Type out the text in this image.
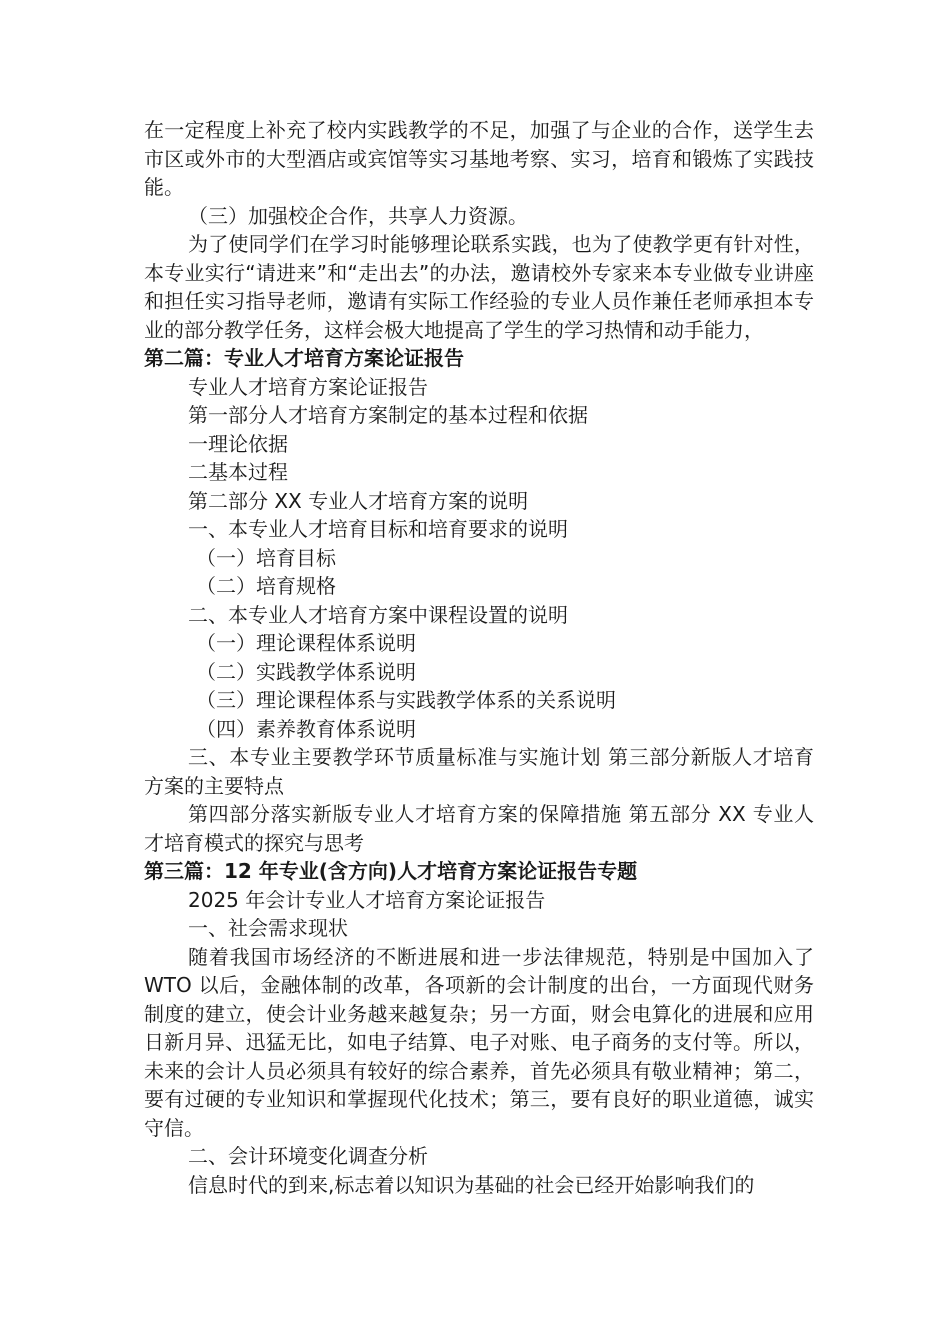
在一定程度上补充了校内实践教学的不足，加强了与企业的合作，送学生去市区或外市的大型酒店或宾馆等实习基地考察、实习，培育和锻炼了实践技能。
（三）加强校企合作，共享人力资源。
为了使同学们在学习时能够理论联系实践，也为了使教学更有针对性，本专业实行“请进来”和“走出去”的办法，邀请校外专家来本专业做专业讲座和担任实习指导老师，邀请有实际工作经验的专业人员作兼任老师承担本专业的部分教学任务，这样会极大地提高了学生的学习热情和动手能力，
第二篇：专业人才培育方案论证报告
专业人才培育方案论证报告
第一部分人才培育方案制定的基本过程和依据
一理论依据
二基本过程
第二部分 XX 专业人才培育方案的说明
一、本专业人才培育目标和培育要求的说明
（一）培育目标
（二）培育规格
二、本专业人才培育方案中课程设置的说明
（一）理论课程体系说明
（二）实践教学体系说明
（三）理论课程体系与实践教学体系的关系说明
（四）素养教育体系说明
三、本专业主要教学环节质量标准与实施计划 第三部分新版人才培育方案的主要特点
第四部分落实新版专业人才培育方案的保障措施 第五部分 XX 专业人才培育模式的探究与思考
第三篇：12 年专业(含方向)人才培育方案论证报告专题
2025 年会计专业人才培育方案论证报告
一、社会需求现状
随着我国市场经济的不断进展和进一步法律规范，特别是中国加入了 WTO 以后，金融体制的改革，各项新的会计制度的出台，一方面现代财务制度的建立，使会计业务越来越复杂；另一方面，财会电算化的进展和应用日新月异、迅猛无比，如电子结算、电子对账、电子商务的支付等。所以，未来的会计人员必须具有较好的综合素养，首先必须具有敬业精神；第二，要有过硬的专业知识和掌握现代化技术；第三，要有良好的职业道德，诚实守信。
二、会计环境变化调查分析
信息时代的到来,标志着以知识为基础的社会已经开始影响我们的
